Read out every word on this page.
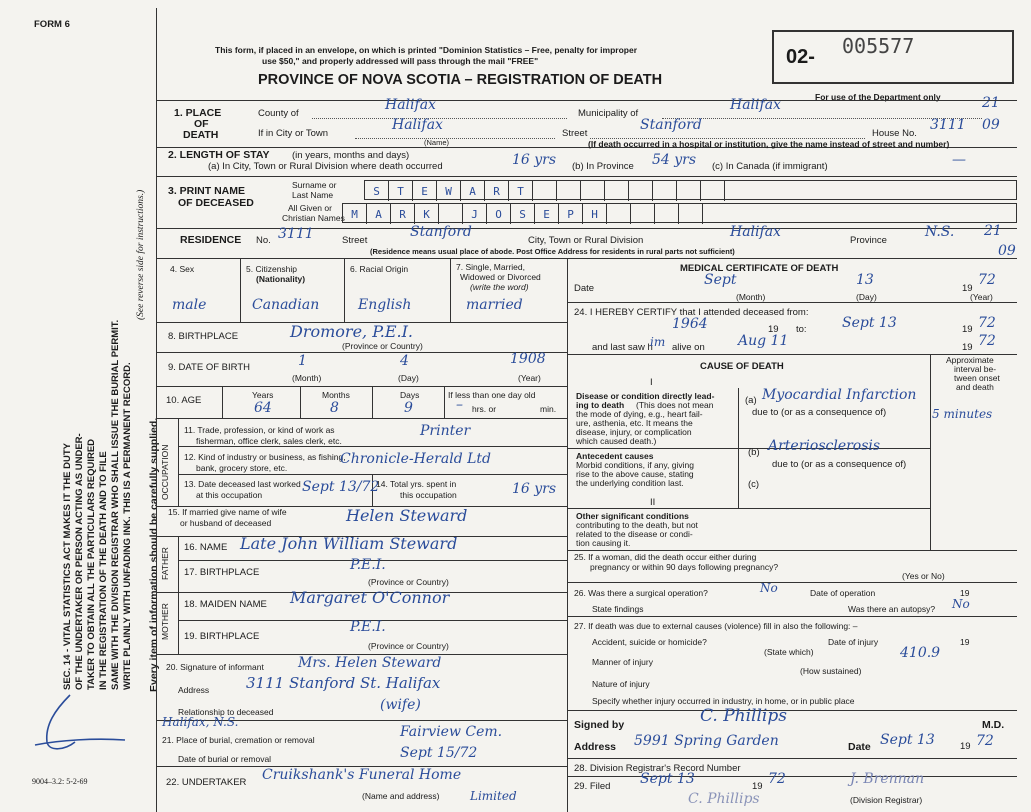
FORM 6
This form, if placed in an envelope, on which is printed "Dominion Statistics – Free, penalty for improper
use $50," and properly addressed will pass through the mail "FREE"
PROVINCE OF NOVA SCOTIA – REGISTRATION OF DEATH
02- 005577
For use of the Department only	21
SEC. 14 - VITAL STATISTICS ACT MAKES IT THE DUTY OF THE UNDERTAKER OR PERSON ACTING AS UNDER- TAKER TO OBTAIN ALL THE PARTICULARS REQUIRED IN THE REGISTRATION OF THE DEATH AND TO FILE SAME WITH THE DIVISION REGISTRAR WHO SHALL ISSUE THE BURIAL PERMIT. WRITE PLAINLY WITH UNFADING INK. THIS IS A PERMANENT RECORD.
(See reverse side for instructions.)
Every item of information should be carefully supplied.
9004–3.2: 5-2-69
1. PLACE
OF
DEATH
County of
Halifax
Municipality of
Halifax
If in City or Town
Halifax
(Name)
Street
Stanford
House No.
3111 09
(If death occurred in a hospital or institution, give the name instead of street and number)
2. LENGTH OF STAY (in years, months and days)
(a) In City, Town or Rural Division where death occurred	16 yrs (b) In Province 54 yrs (c) In Canada (if immigrant)	—
3. PRINT NAME
OF DECEASED
Surname or
Last Name
All Given or
Christian Names
S	T	E	W	A	R	T
M	A	R	K	J	O	S	E	P	H
RESIDENCE No. 3111	Street
Stanford
City, Town or Rural Division
Halifax
Province
N.S. 21
(Residence means usual place of abode. Post Office Address for residents in rural parts not sufficient)	09
4. Sex
male
5. Citizenship
(Nationality)
Canadian
6. Racial Origin
English
7. Single, Married,
Widowed or Divorced
(write the word)
married
8. BIRTHPLACE	Dromore, P.E.I.
(Province or Country)
9. DATE OF BIRTH	1	4	1908
(Month)	(Day)	(Year)
10. AGE	Years
64
Months
8
Days
9
If less than one day old
hrs. or	min.
–
OCCUPATION
11. Trade, profession, or kind of work as
fisherman, office clerk, sales clerk, etc.
Printer
12. Kind of industry or business, as fishing,
bank, grocery store, etc.
Chronicle-Herald Ltd
13. Date deceased last worked
at this occupation	Sept 13/72
14. Total yrs. spent in
this occupation	16 yrs
15. If married give name of wife
or husband of deceased	Helen Steward
FATHER 16. NAME Late John William Steward
17. BIRTHPLACE	P.E.I.
(Province or Country)
MOTHER 18. MAIDEN NAME Margaret O'Connor
19. BIRTHPLACE
P.E.I.
(Province or Country)
20. Signature of informant Mrs. Helen Steward
Address 3111 Stanford St. Halifax
Relationship to deceased	(wife)
Halifax, N.S.
21. Place of burial, cremation or removal	Fairview Cem.
Date of burial or removal	Sept 15/72
22. UNDERTAKER Cruikshank's Funeral Home
(Name and address)	Limited
MEDICAL CERTIFICATE OF DEATH
Date
Sept	13
19
72
(Month)	(Day)	(Year)
24. I HEREBY CERTIFY that I attended deceased from:
1964	19 to:	Sept 13	19 72
and last saw h
im alive on Aug 11	19 72
CAUSE OF DEATH
Approximate
interval be-
tween onset
and death
I
Disease or condition directly lead-
ing to death (This does not mean
the mode of dying, e.g., heart fail-
ure, asthenia, etc. It means the
disease, injury, or complication
which caused death.)
(a) Myocardial Infarction
5 minutes
due to (or as a consequence of)
Antecedent causes
Morbid conditions, if any, giving
rise to the above cause, stating
the underlying condition last.
(b) Arteriosclerosis
due to (or as a consequence of)
(c)
II
Other significant conditions
contributing to the death, but not
related to the disease or condi-
tion causing it.
25. If a woman, did the death occur either during
pregnancy or within 90 days following pregnancy?
(Yes or No)
26. Was there a surgical operation?	No	Date of operation	19
State findings	Was there an autopsy? No
27. If death was due to external causes (violence) fill in also the following: –
Accident, suicide or homicide?	Date of injury	19
(State which)
Manner of injury
410.9
(How sustained)
Nature of injury
Specify whether injury occurred in industry, in home, or in public place
Signed by	C. Phillips	M.D.
Address 5991 Spring Garden	Date Sept 13	19 72
28. Division Registrar's Record Number
29. Filed Sept 13	19 72	J. Brennan
(Division Registrar)
C. Phillips
